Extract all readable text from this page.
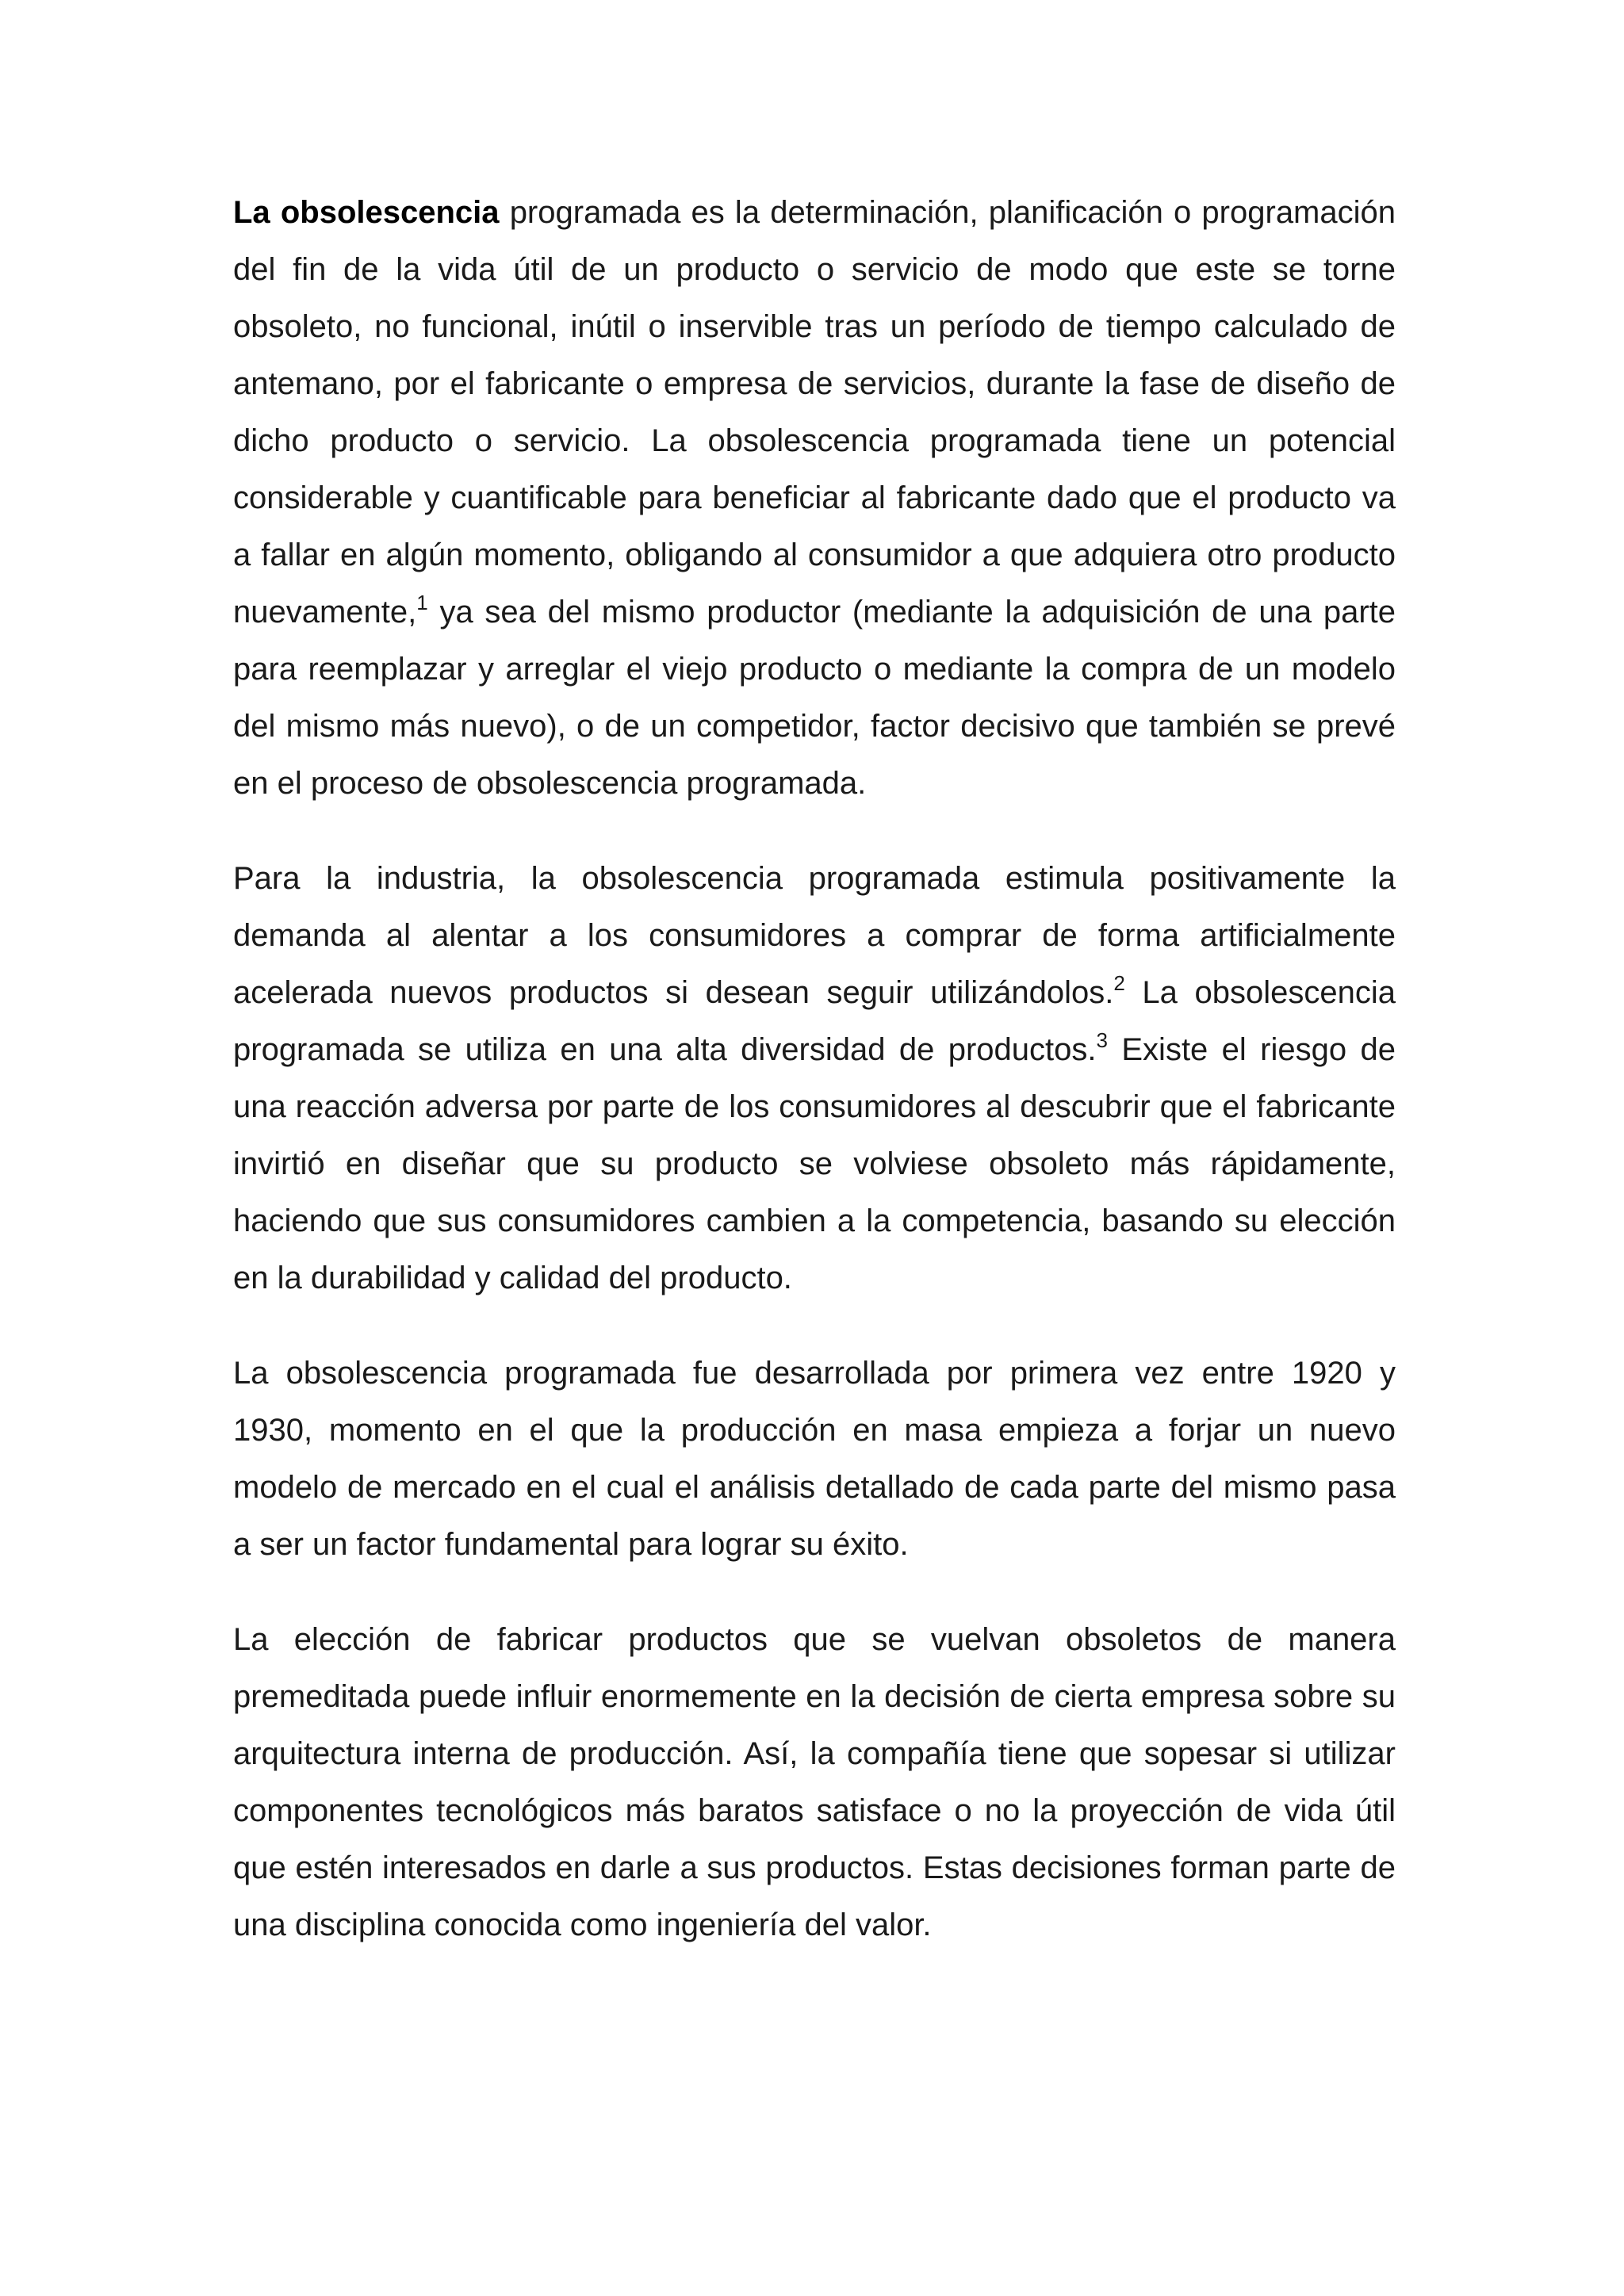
La obsolescencia programada es la determinación, planificación o programación del fin de la vida útil de un producto o servicio de modo que este se torne obsoleto, no funcional, inútil o inservible tras un período de tiempo calculado de antemano, por el fabricante o empresa de servicios, durante la fase de diseño de dicho producto o servicio. La obsolescencia programada tiene un potencial considerable y cuantificable para beneficiar al fabricante dado que el producto va a fallar en algún momento, obligando al consumidor a que adquiera otro producto nuevamente,$^1$ ya sea del mismo productor (mediante la adquisición de una parte para reemplazar y arreglar el viejo producto o mediante la compra de un modelo del mismo más nuevo), o de un competidor, factor decisivo que también se prevé en el proceso de obsolescencia programada.

Para la industria, la obsolescencia programada estimula positivamente la demanda al alentar a los consumidores a comprar de forma artificialmente acelerada nuevos productos si desean seguir utilizándolos.$^2$ La obsolescencia programada se utiliza en una alta diversidad de productos.$^3$ Existe el riesgo de una reacción adversa por parte de los consumidores al descubrir que el fabricante invirtió en diseñar que su producto se volviese obsoleto más rápidamente, haciendo que sus consumidores cambien a la competencia, basando su elección en la durabilidad y calidad del producto.

La obsolescencia programada fue desarrollada por primera vez entre 1920 y 1930, momento en el que la producción en masa empieza a forjar un nuevo modelo de mercado en el cual el análisis detallado de cada parte del mismo pasa a ser un factor fundamental para lograr su éxito.

La elección de fabricar productos que se vuelvan obsoletos de manera premeditada puede influir enormemente en la decisión de cierta empresa sobre su arquitectura interna de producción. Así, la compañía tiene que sopesar si utilizar componentes tecnológicos más baratos satisface o no la proyección de vida útil que estén interesados en darle a sus productos. Estas decisiones forman parte de una disciplina conocida como ingeniería del valor.
